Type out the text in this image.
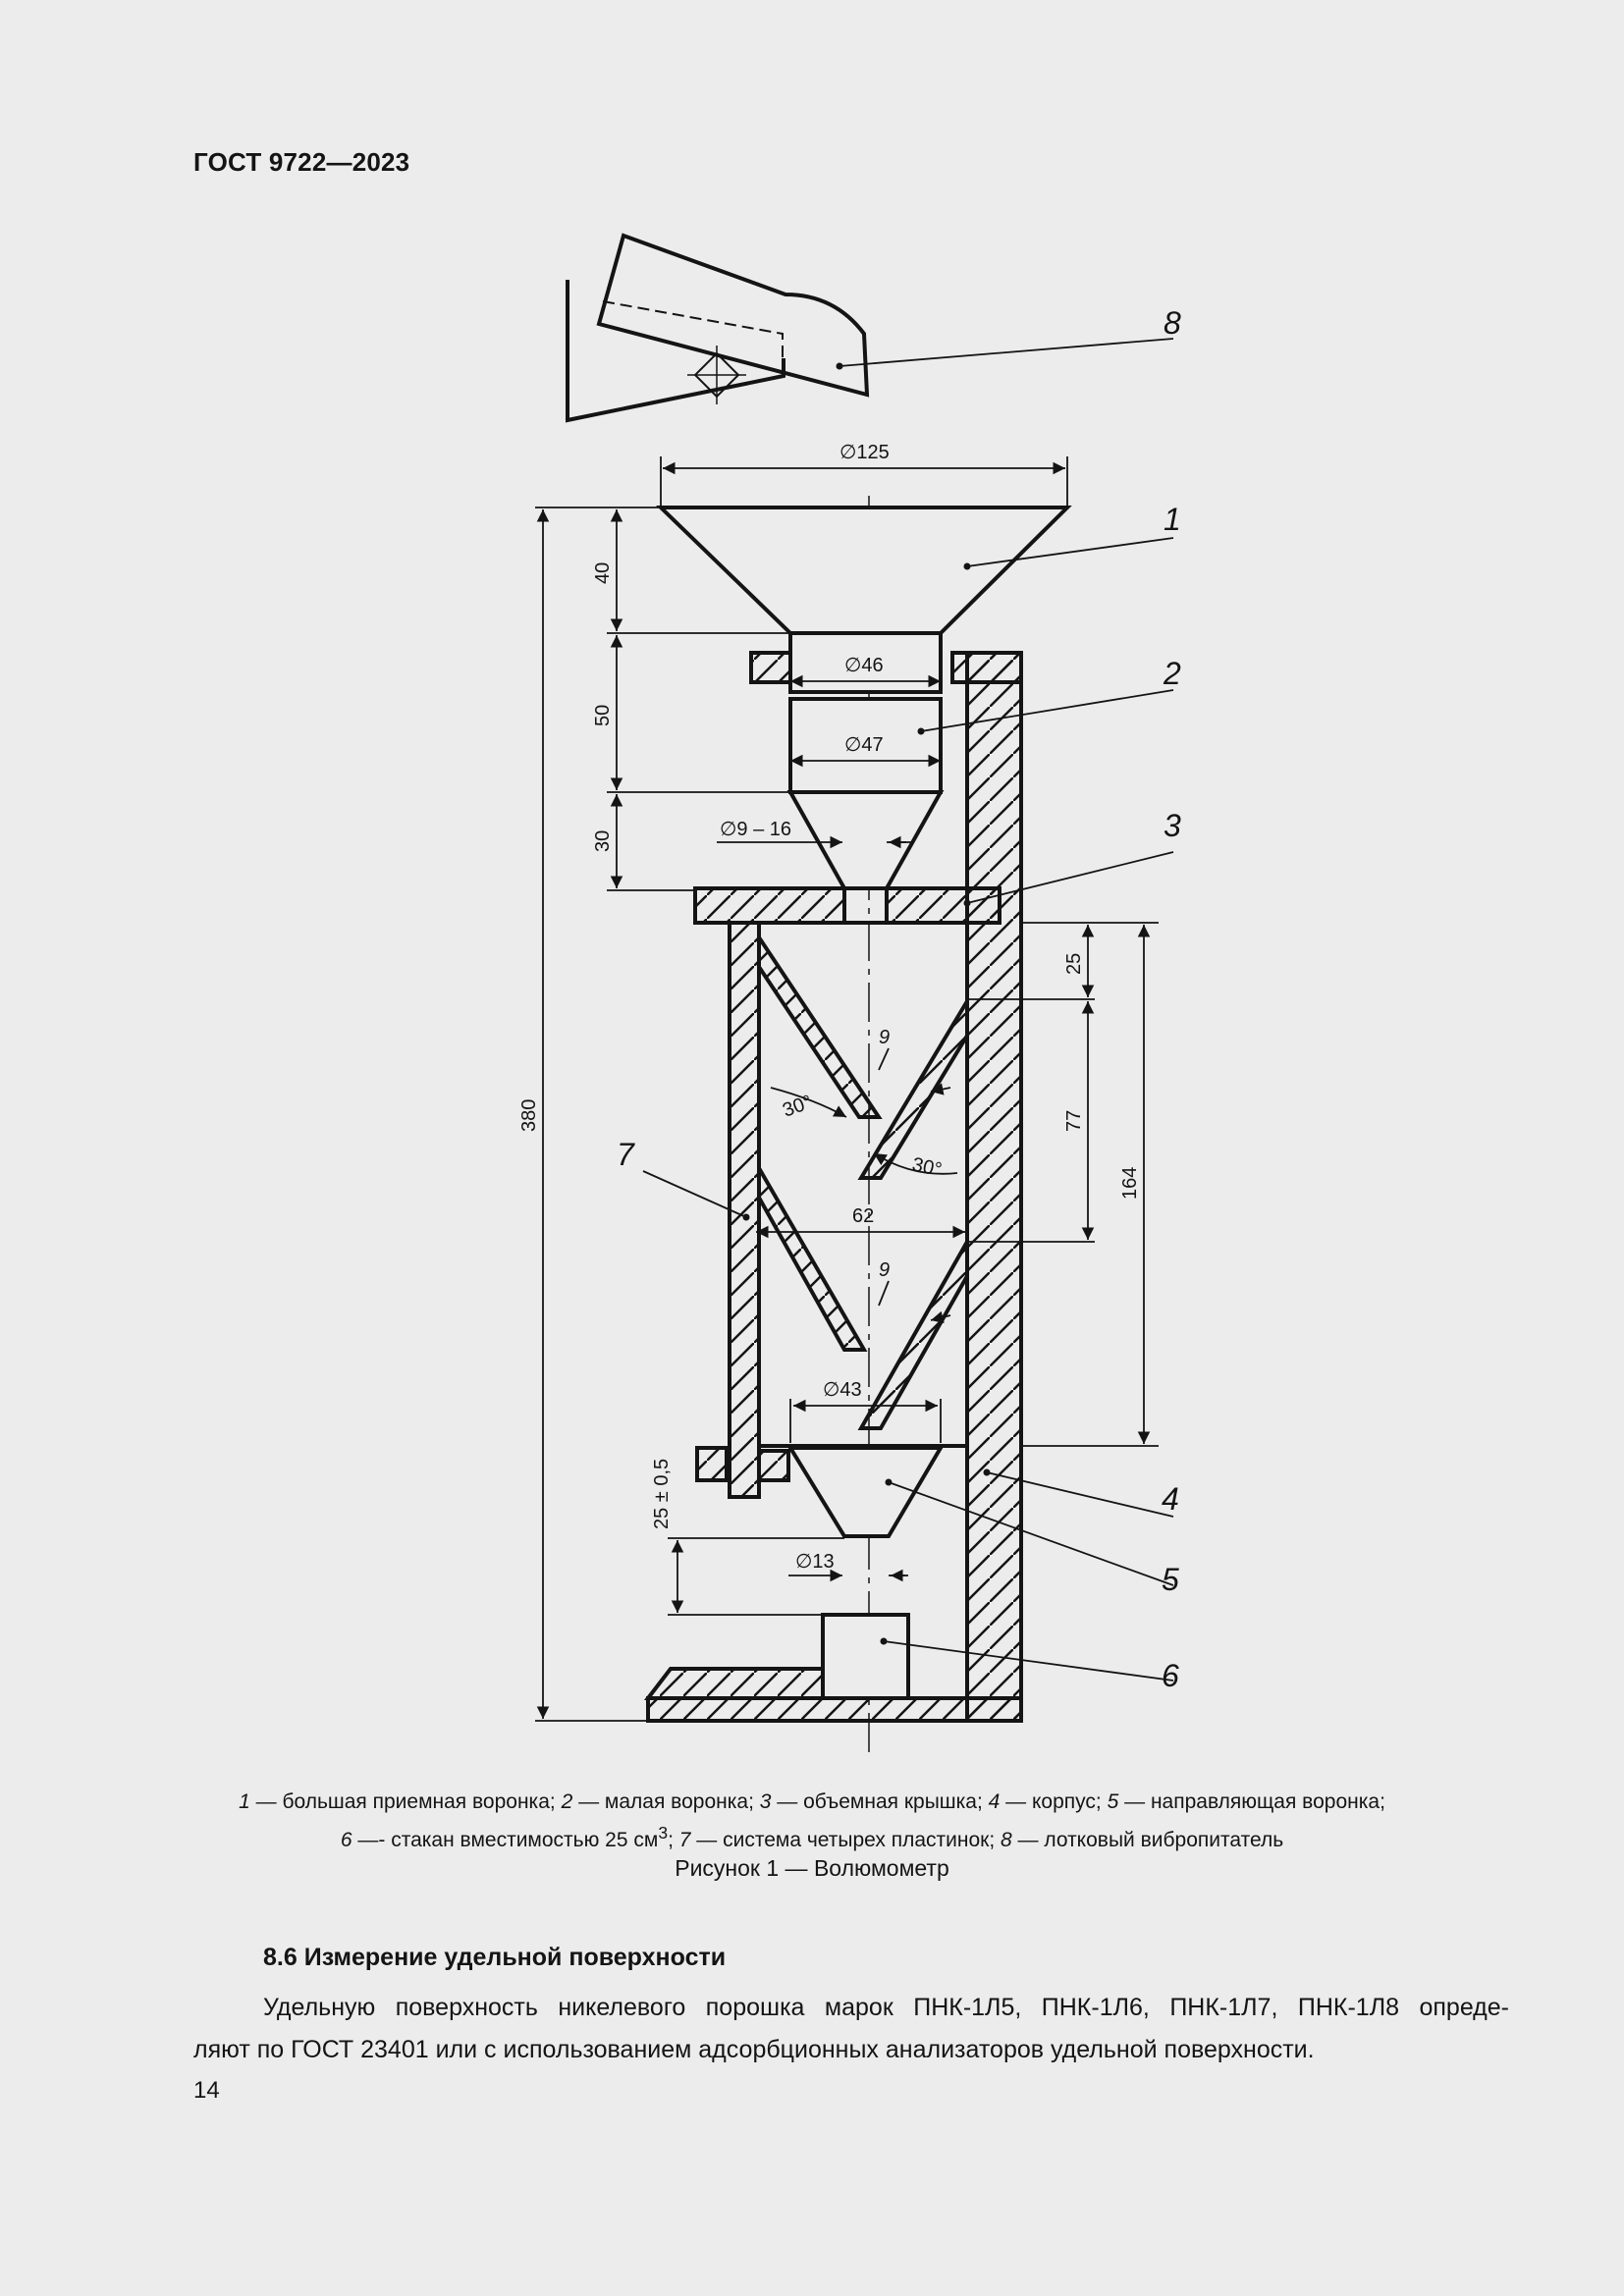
ГОСТ 9722—2023
8
1
2
3
4
5
6
7
∅125
∅46
∅47
∅9 – 16
∅43
∅13
62
9
9
30°
30°
40
50
30
380
25
77
164
25 ± 0,5
1 — большая приемная воронка; 2 — малая воронка; 3 — объемная крышка; 4 — корпус; 5 — направляющая воронка;
6 —- стакан вместимостью 25 $см^3$; 7 — система четырех пластинок; 8 — лотковый вибропитатель
Рисунок 1 — Волюмометр
8.6 Измерение удельной поверхности
Удельную поверхность никелевого порошка марок ПНК-1Л5, ПНК-1Л6, ПНК-1Л7, ПНК-1Л8 опреде-
ляют по ГОСТ 23401 или с использованием адсорбционных анализаторов удельной поверхности.
14
